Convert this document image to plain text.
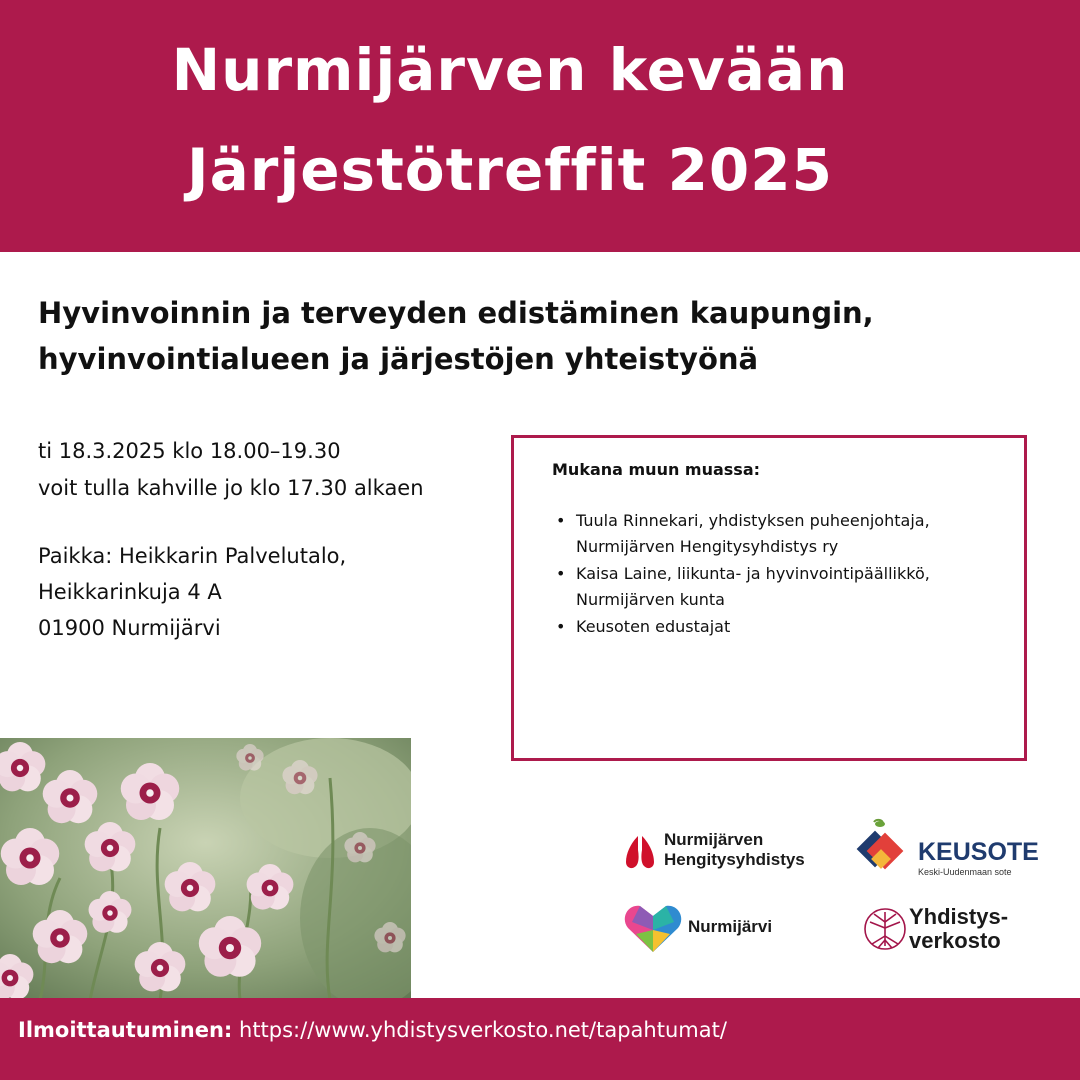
Nurmijärven kevään
Järjestötreffit 2025
Hyvinvoinnin ja terveyden edistäminen kaupungin,
hyvinvointialueen ja järjestöjen yhteistyönä
ti 18.3.2025 klo 18.00–19.30
voit tulla kahville jo klo 17.30 alkaen
Paikka: Heikkarin Palvelutalo,
Heikkarinkuja 4 A
01900 Nurmijärvi
Mukana muun muassa:
• Tuula Rinnekari, yhdistyksen puheenjohtaja,
Nurmijärven Hengitysyhdistys ry
• Kaisa Laine, liikunta- ja hyvinvointipäällikkö,
Nurmijärven kunta
• Keusoten edustajat
Nurmijärven
Hengitysyhdistys	KEUSOTE
Keski-Uudenmaan sote
Nurmijärvi	Yhdistys-
verkosto
Ilmoittautuminen: https://www.yhdistysverkosto.net/tapahtumat/
